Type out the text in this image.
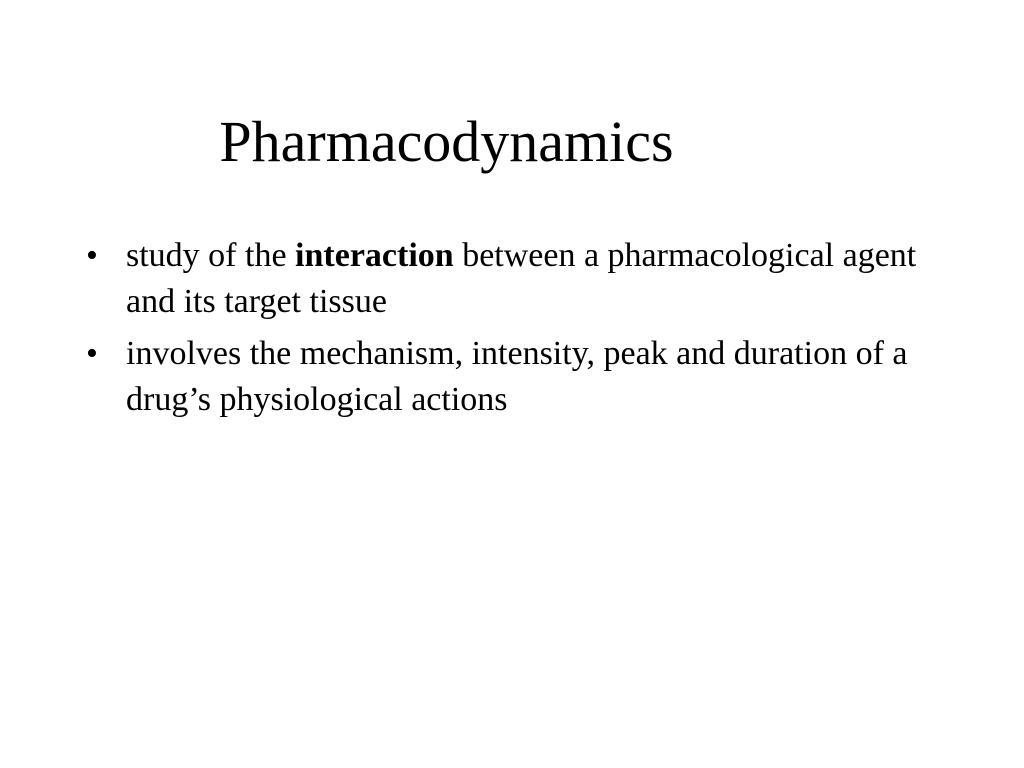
Pharmacodynamics
• study of the interaction between a pharmacological agent and its target tissue
• involves the mechanism, intensity, peak and duration of a drug’s physiological actions
